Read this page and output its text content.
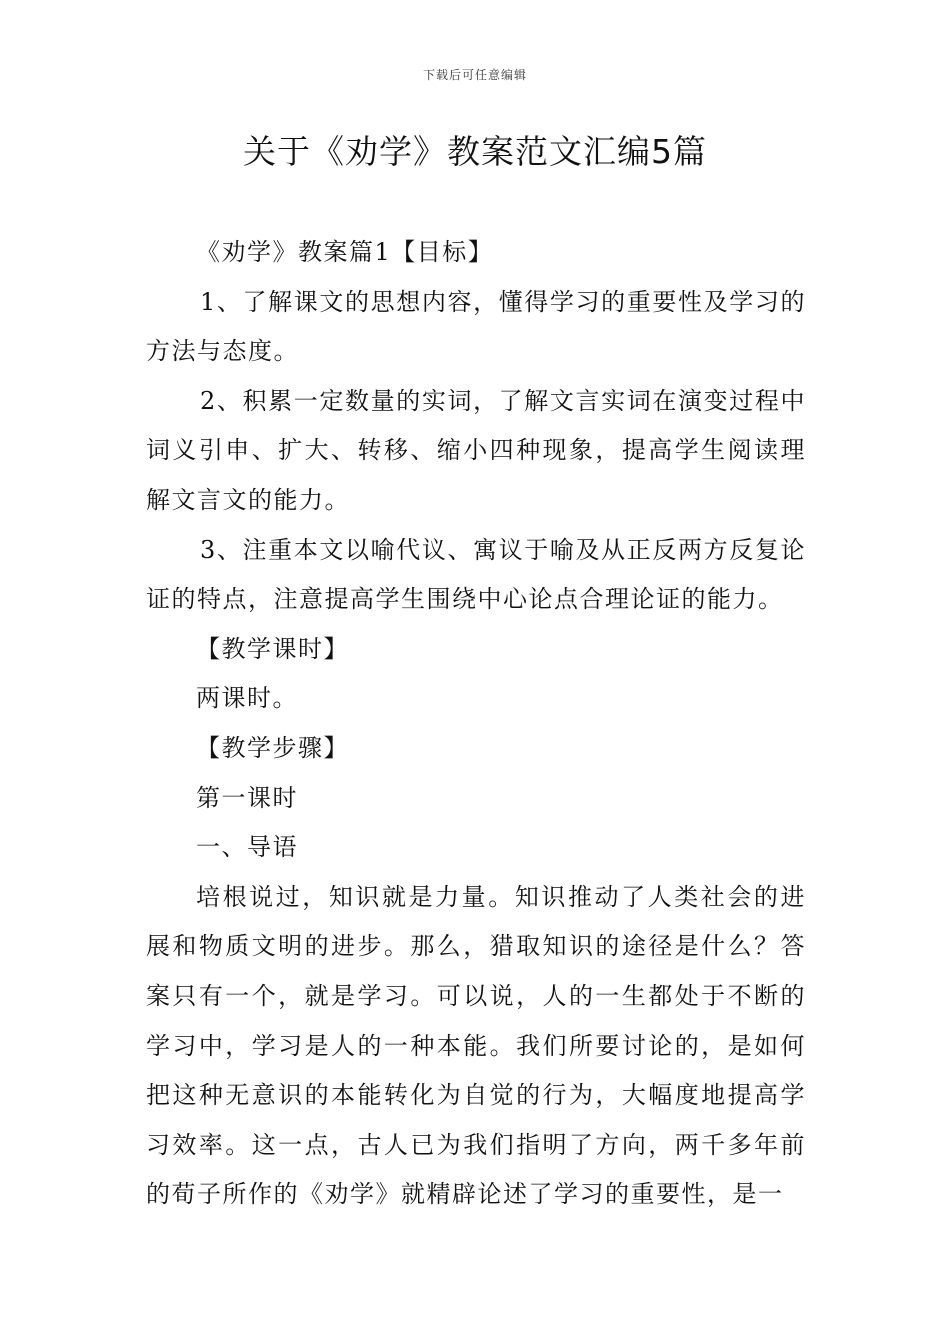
下载后可任意编辑
关于《劝学》教案范文汇编5篇

《劝学》教案篇1【目标】

1、了解课文的思想内容，懂得学习的重要性及学习的方法与态度。

2、积累一定数量的实词，了解文言实词在演变过程中词义引申、扩大、转移、缩小四种现象，提高学生阅读理解文言文的能力。

3、注重本文以喻代议、寓议于喻及从正反两方反复论证的特点，注意提高学生围绕中心论点合理论证的能力。

【教学课时】

两课时。

【教学步骤】

第一课时

一、导语

培根说过，知识就是力量。知识推动了人类社会的进展和物质文明的进步。那么，猎取知识的途径是什么？答案只有一个，就是学习。可以说，人的一生都处于不断的学习中，学习是人的一种本能。我们所要讨论的，是如何把这种无意识的本能转化为自觉的行为，大幅度地提高学习效率。这一点，古人已为我们指明了方向，两千多年前的荀子所作的《劝学》就精辟论述了学习的重要性，是一
